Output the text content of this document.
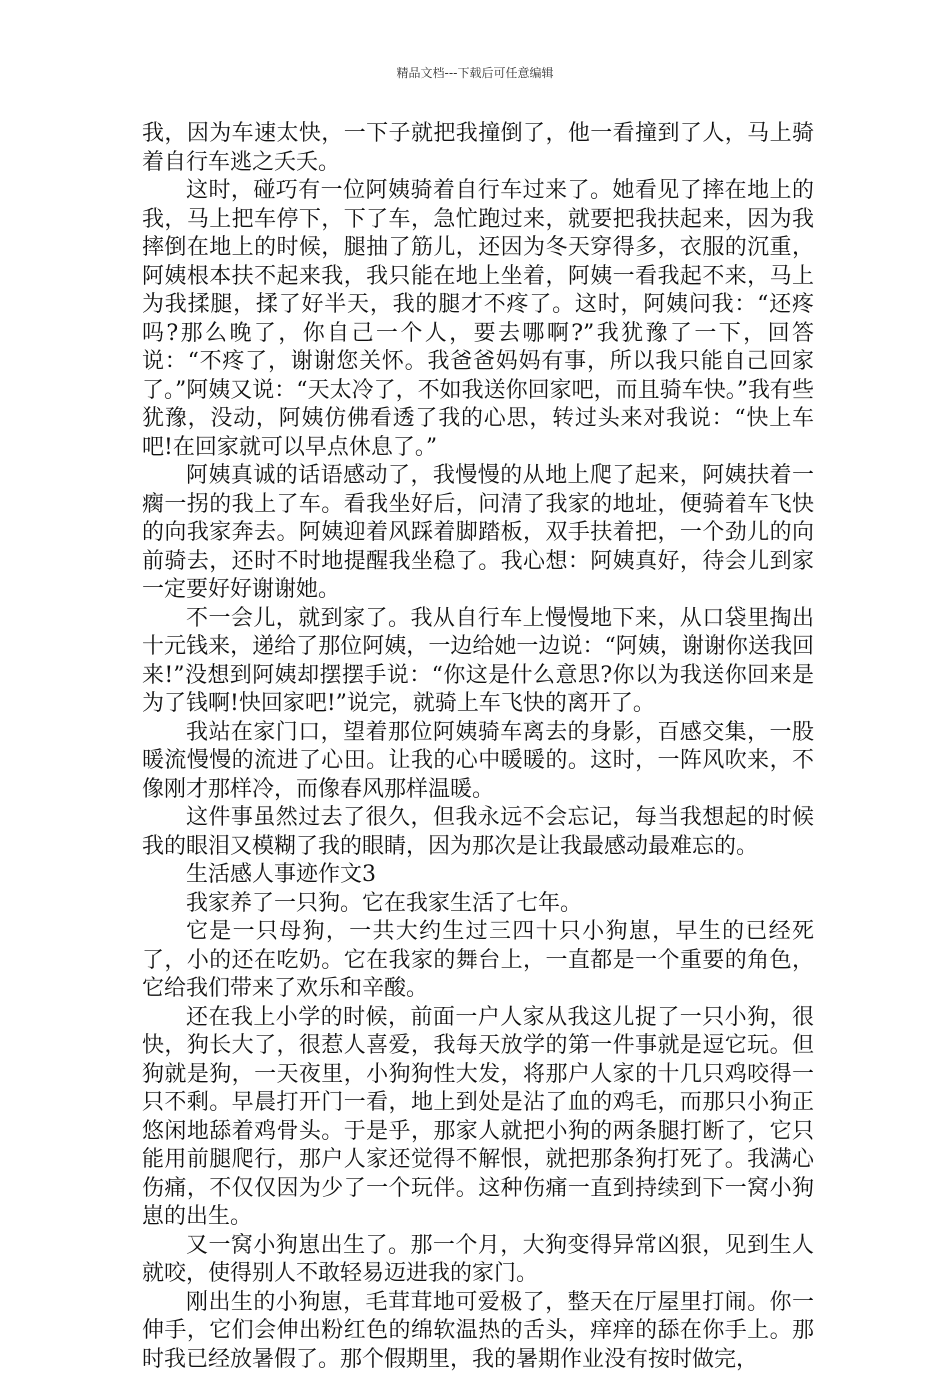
精品文档---下载后可任意编辑

我，因为车速太快，一下子就把我撞倒了，他一看撞到了人，马上骑着自行车逃之夭夭。

这时，碰巧有一位阿姨骑着自行车过来了。她看见了摔在地上的我，马上把车停下，下了车，急忙跑过来，就要把我扶起来，因为我摔倒在地上的时候，腿抽了筋儿，还因为冬天穿得多，衣服的沉重，阿姨根本扶不起来我，我只能在地上坐着，阿姨一看我起不来，马上为我揉腿，揉了好半天，我的腿才不疼了。这时，阿姨问我：“还疼吗?那么晚了，你自己一个人，要去哪啊?”我犹豫了一下，回答说：“不疼了，谢谢您关怀。我爸爸妈妈有事，所以我只能自己回家了。”阿姨又说：“天太冷了，不如我送你回家吧，而且骑车快。”我有些犹豫，没动，阿姨仿佛看透了我的心思，转过头来对我说：“快上车吧!在回家就可以早点休息了。”

阿姨真诚的话语感动了，我慢慢的从地上爬了起来，阿姨扶着一瘸一拐的我上了车。看我坐好后，问清了我家的地址，便骑着车飞快的向我家奔去。阿姨迎着风踩着脚踏板，双手扶着把，一个劲儿的向前骑去，还时不时地提醒我坐稳了。我心想：阿姨真好，待会儿到家一定要好好谢谢她。

不一会儿，就到家了。我从自行车上慢慢地下来，从口袋里掏出十元钱来，递给了那位阿姨，一边给她一边说：“阿姨，谢谢你送我回来!”没想到阿姨却摆摆手说：“你这是什么意思?你以为我送你回来是为了钱啊!快回家吧!”说完，就骑上车飞快的离开了。

我站在家门口，望着那位阿姨骑车离去的身影，百感交集，一股暖流慢慢的流进了心田。让我的心中暖暖的。这时，一阵风吹来，不像刚才那样冷，而像春风那样温暖。

这件事虽然过去了很久，但我永远不会忘记，每当我想起的时候我的眼泪又模糊了我的眼睛，因为那次是让我最感动最难忘的。

生活感人事迹作文3

我家养了一只狗。它在我家生活了七年。

它是一只母狗，一共大约生过三四十只小狗崽，早生的已经死了，小的还在吃奶。它在我家的舞台上，一直都是一个重要的角色，它给我们带来了欢乐和辛酸。

还在我上小学的时候，前面一户人家从我这儿捉了一只小狗，很快，狗长大了，很惹人喜爱，我每天放学的第一件事就是逗它玩。但狗就是狗，一天夜里，小狗狗性大发，将那户人家的十几只鸡咬得一只不剩。早晨打开门一看，地上到处是沾了血的鸡毛，而那只小狗正悠闲地舔着鸡骨头。于是乎，那家人就把小狗的两条腿打断了，它只能用前腿爬行，那户人家还觉得不解恨，就把那条狗打死了。我满心伤痛，不仅仅因为少了一个玩伴。这种伤痛一直到持续到下一窝小狗崽的出生。

又一窝小狗崽出生了。那一个月，大狗变得异常凶狠，见到生人就咬，使得别人不敢轻易迈进我的家门。

刚出生的小狗崽，毛茸茸地可爱极了，整天在厅屋里打闹。你一伸手，它们会伸出粉红色的绵软温热的舌头，痒痒的舔在你手上。那时我已经放暑假了。那个假期里，我的暑期作业没有按时做完，
